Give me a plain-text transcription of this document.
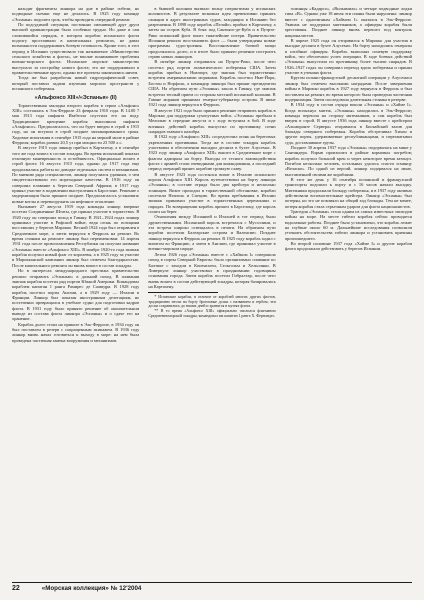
находят фрагменты линкора на дне в районе гибели, но подводные съемки еще не делались. В 1925 году команде «Эспаньи» подошел срок, чтобы проводить очередной ремонт.

По подсудимой ситуации, постоянно сменяющей друг друга высокой администрации было особенно трудно. Но даже и сам сложившийся порядок, в котором корабли испанского флота подолгу простаивали в капитальных ремонтах, не давал возможности поддерживать боевую готовность. Кроме того, в этот период в Испании существовало так называемое «Министерство сельского хозяйства и флота», не вполне понимавшее проблемы военно-морского флота. Испанское морское министерство выступало за постройку нового флота; это же поддерживали и правительственные круги, однако все проекты закончились ничем.

Тогда же был разработан новый гидрографический совет, который поставил задачи изучения морских пространств у испанского побережья.

«Альфонсо XIII»/«Эспанья» (II)

Торжественная закладка второго корабля в серии «Альфонсо XIII» состоялась в Эль-Ферроле 23 февраля 1910 года. В 14.00 7 мая 1913 года инфанта Изабелла спустила его на воду. Традиционное крещение корабля выполнила инфанта «Альфонсо». Предполагалось, что он будет введен в строй в 1915 году, но он вступил в строй позднее запланированного срока. Ходовые испытания в сентябре 1915 года на мерной миле в районе Ферроля; корабль развил 20,5 уз при мощности 23 500 л.с.

В августе 1915 года линкор прибыл в Картахену, а в сентябре того же года вошел в состав эскадры. Во время испытаний показал отличную маневренность и остойчивость. Официально вошел в строй флота 16 августа 1915 года, однако до 1917 года еще продолжались работы по доводке отдельных систем и механизмов. По мнению ряда специалистов, линкор получился удачным, о чем свидетельствовали его мореходные качества. В 1916 году он совершил плавание к берегам Северной Африки; в 1917 году принял участие в подавлении выступления в Барселоне. Решение о модернизации было принято позднее. Предполагалось установить новые котлы и перевооружить на нефтяное отопление.

Вызывает 27 августа 1919 года команды линкор впервые посетил Соединенные Штаты, где принял участие в торжествах. В 1920 году он совершил поход в Гавану. В 1921–1924 годах линкор принимал участие в Рифской войне, ведя огонь по позициям восставших у берегов Марокко. Весной 1924 года был отправлен в Средиземное море, а затем вернулся в Ферроль на ремонт. Во время стоянки на ремонте линкор был переименован: 14 апреля 1931 года после провозглашения Республики он получил название «Эспанья» вместо «Альфонсо XIII». В ноябре 1920-го года экипаж корабля получил новый флаг от королевы, а в 1925 году за участие в Марокканской кампании линкор был отмечен благодарностью. После капитального ремонта он вновь вошел в состав эскадры.

Но в интересах международного престижа правительство решило отправить «Эспанью» в дальний поход. В плавании экипаж корабля посетил ряд портов Южной Америки. Командовал кораблем капитан 1 ранга Рамирес де Сааведра. В 1928 году корабль посетил порты Англии, а в 1929 году — Италии и Франции. Линкор был показан иностранным делегациям, но постепенно превращался в учебное судно для подготовки кадров флота. В 1931 году было принято решение об окончательном выводе из состава флота линкора «Эспанья» и о сдаче его на хранение.

Корабль долго стоял на приколе в Эль-Ферроле, в 1934 году он был поставлен в резерв с сокращенным экипажем. В 1936 году линкор вновь начал готовиться к выходу в море: на нем была проведена частичная замена вооружения и механизмов.

в бывшей колонии вызвало волну патриотизма у испанских колонистов. В результате возникла идея превентивно принять санкции в адрес иностранных судов, заходящих в Испанию без разрешения. В 1898 году корабль «Пелайо» прибыл в Картахену, а затем на остров Куба. В боях под Сантьяго-де-Куба и в Пуэрто-Рико испанский флот понес тяжелейшие потери. Правительство Испании решило восстановить флот — были утверждены новые программы судостроения. Восстановление боевой мощи продолжалось долго, и в итоге было принято решение построить серию новых линкоров.

В октябре линкор отправился на Пуэрто-Рико, после чего посетил ряд портов атлантического побережья США. Затем корабль прибыл в Ньюпорт, где экипаж был торжественно встречен американскими моряками. Корабль посетил Нью-Йорк, Бостон и Норфолк, а командир линкора был принят президентом США. На обратном пути «Эспанья» зашла в Гавану, где экипаж встретил теплый прием со стороны местной испанской колонии. В Гаване моряков принимал генерал-губернатор острова. В июне 1921 года линкор вернулся в Ферроль.

В августе 1921 года было принято решение отправить корабль в Марокко для поддержки сухопутных войск. «Эспанья» прибыла в Мелилью в середине августа и с ходу вступила в бой. В ходе военных действий корабль выпустил по противнику сотни снарядов главного калибра.

В 1922 году «Альфонсо XIII» сосредоточил огонь на береговых укреплениях противника. Тогда же в составе эскадры корабль участвовал в обеспечении высадки десанта в бухте Алусемас. В 1923 году линкор «Альфонсо XIII» вышел в Средиземное море с флагом адмирала на борту. Выгоды от тесного взаимодействия флота с армией стали очевидными для командования, а последний период операций принес кораблю громкую славу.

В августе 1923 года состоялся визит в Италию испанского короля Альфонсо XIII. Король путешествовал на борту линкора «Эспанья»; в составе отряда было два крейсера и несколько эсминцев. Визит проходил в торжественной обстановке, корабли посетили Неаполь и Специю. Во время пребывания в Италии экипаж принимал участие в торжественных церемониях и парадах. По возвращении корабль пришел в Барселону, где король сошел на берег.

Отношения между Испанией и Италией в тот период были дружественными. Испанский король встречался с Муссолини, и эта встреча широко освещалась в печати. На обратном пути корабли посетили Балеарские острова и Валенсию. Позднее линкор вернулся в Ферроль на ремонт. В 1925 году корабль ходил с визитом во Францию, а затем в Англию, где принимал участие в военно-морском параде.

Летом 1926 года «Эспанья» вместе с «Хаймом I» совершила поход в порты Северной Европы: было организовано плавание по Балтике с заходом в Копенгаген, Стокгольм и Хельсинки. В Ливерпуле линкор участвовал в праздновании годовщины основания города. Затем корабль посетил Гибралтар, после чего вновь вошел в состав действующей эскадры, которая базировалась на Картахену.

* Испанские корабли, в отличие от кораблей многих других флотов, традиционно несли на борту бронзовые доски с названием и гербом; эти доски сохранились до наших дней и хранятся в музеях флота.

** В то время «Альфонсо XIII» официально числился флагманом Средиземноморской эскадры; командовал им капитан 1 ранга Х. Фернандес.

эсминцы «Кадарсо», «Вильямиль» и четыре подводные лодки типа «В». Однако уже 18 июля эти планы были нарушены: линкор вместе с однотипным «Хаймом I» оказался в Эль-Ферроле. Экипаж не поддержал мятежников, а офицеры корабля были арестованы. Позднее линкор вновь перешел под контроль националистов.

В апреле 1925 года он отправился в Марокко для участия в высадке десанта в бухте Алусемас. На борту находились генералы и штабные офицеры. Корабль выполнял огневую поддержку войск, что обеспечило успех операции. В ходе боевых действий «Эспанья» выпустила по противнику более тысячи снарядов. В 1926–1927 годах он совершил переход вдоль побережья и принял участие в учениях флота.

Кругом испано-французской десантной операции у Алусемаса линкор был отмечен высокими наградами. После завершения войны в Марокко корабль в 1927 году вернулся в Ферроль и был поставлен на ремонт, во время которого была проведена частичная модернизация. Затем последовала длительная стоянка в резерве.

В 1934 году в состав отряда вошли «Эспанья» и «Хайме I». Когда вспыхнул мятеж, «Эспанья» находилась в Эль-Ферроле; команда перешла на сторону мятежников, а сам корабль был введен в строй. В августе 1936 года линкор вместе с крейсером «Альмиранте Сервера» отправился в Бискайский залив для блокады северного побережья. Корабль обстреливал Хихон и другие порты, удерживаемые республиканцами, и перехватывал суда, доставлявшие грузы.

Позднее 30 апреля 1937 года «Эспанья» подорвалась на мине у Сантандера. Взрыв произошел в районе кормовых погребов; корабль получил большой крен и через некоторое время затонул. Погибли несколько человек, остальных удалось спасти эсминцу «Веласко». По одной из версий, линкор подорвался на мине, выставленной своими же кораблями.

В этот же день у 16 сентября испанский и французский транспорты подошли к порту и с 16 часов начали высадку. Мятежники продолжали блокаду побережья, и в 1937 году активно действовали вспомогательные крейсера. Линкор «Эспанья» был потерян, но это не повлияло на общий ход блокады. Тем не менее, потеря корабля стала серьезным ударом для флота националистов.

Трагедия «Эспаньи» стала одним из самых известных эпизодов войны на море. На месте гибели корабля сейчас проводятся водолазные работы. Позднее было установлено, что корабль лежит на глубине около 60 м. Дальнейшие исследования позволили уточнить обстоятельства гибели линкора и установить причины произошедшего.

Во второй половине 1937 года «Хайме I» и другие корабли флота продолжали действовать у берегов Испании.

22	«Морская коллекция» № 12'2004
